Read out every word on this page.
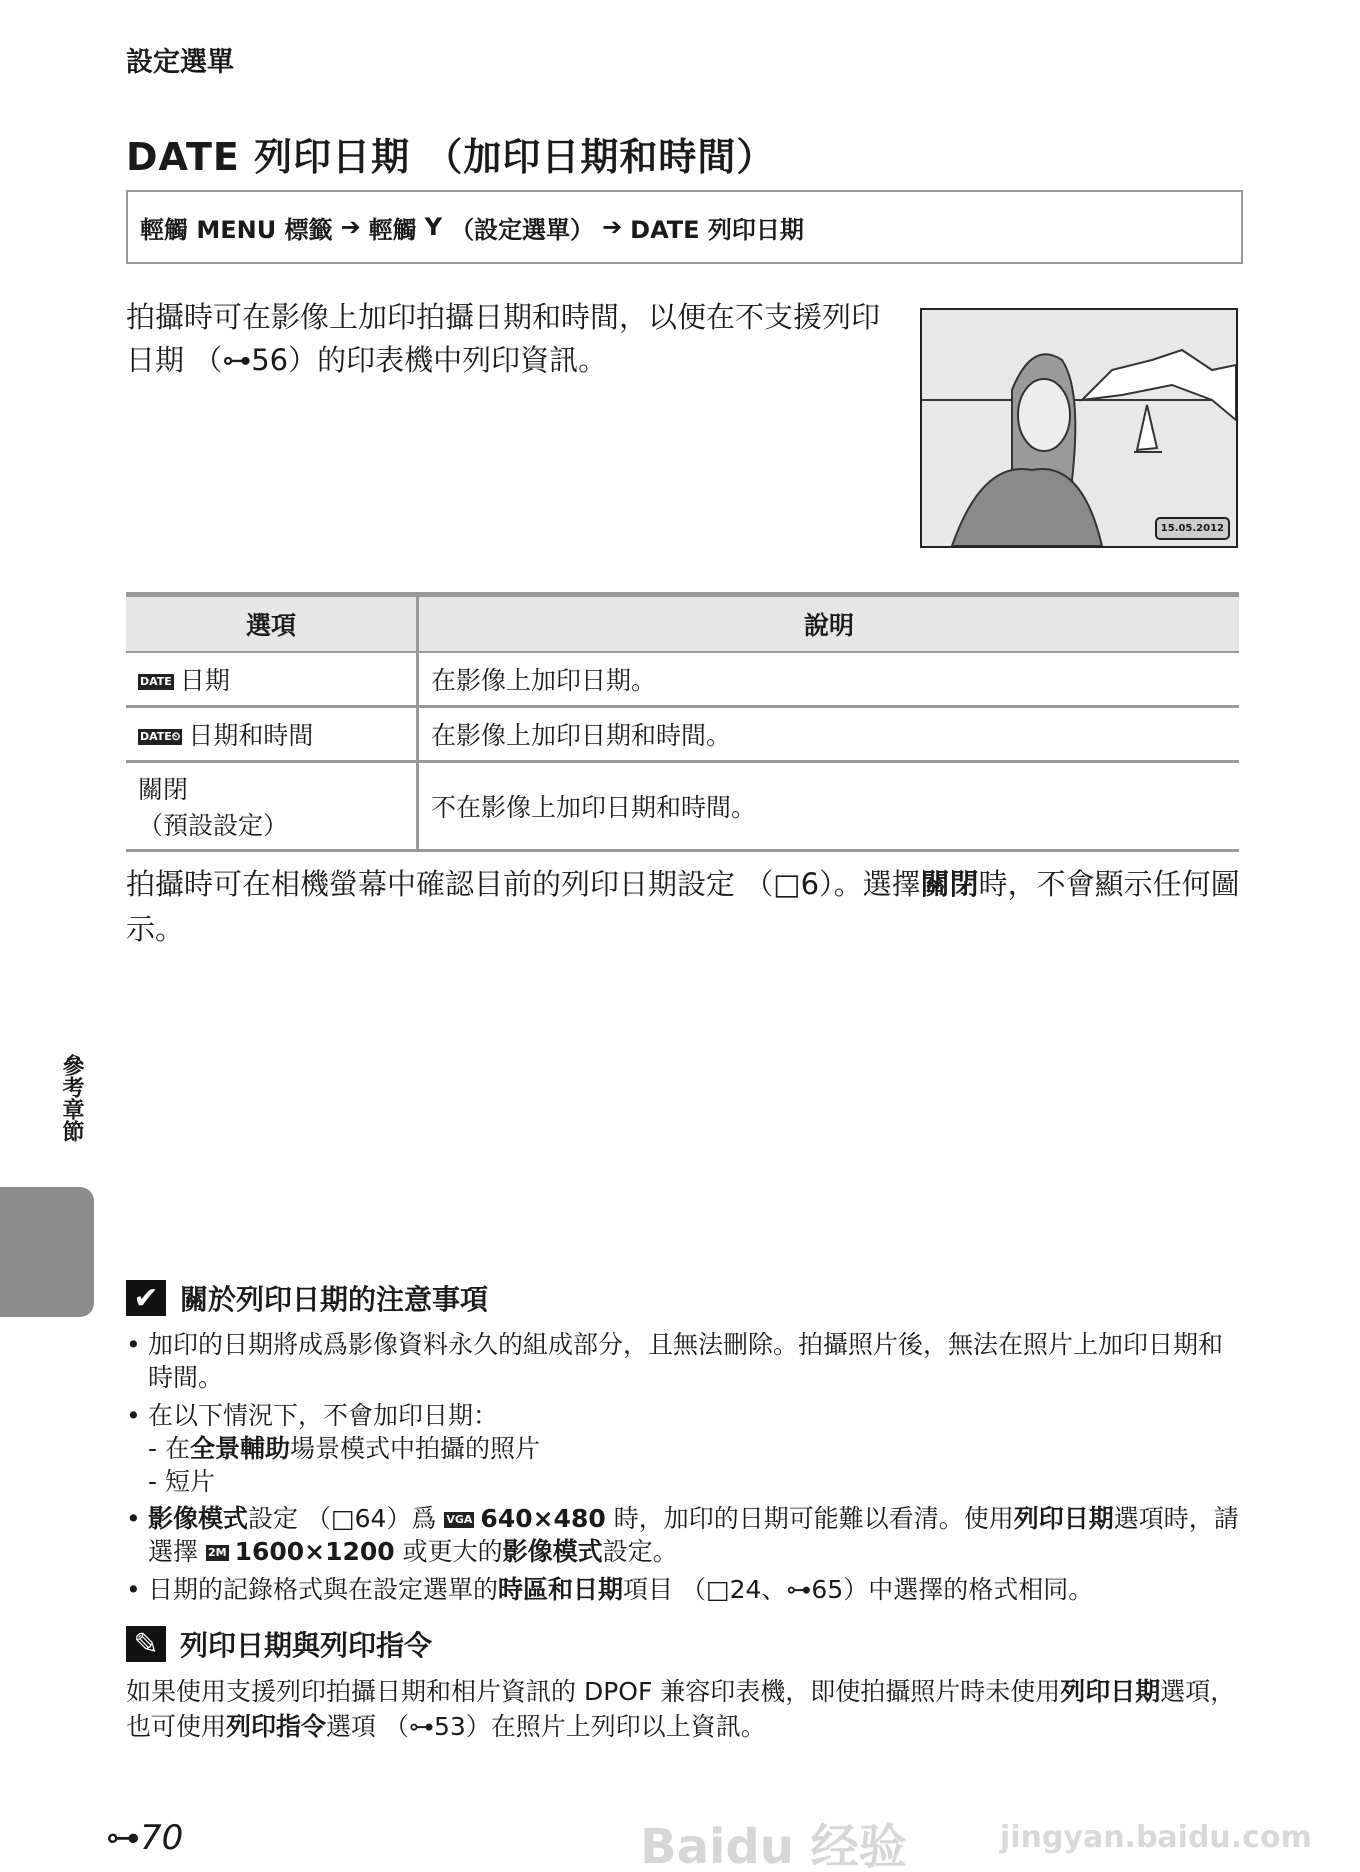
設定選單
DATE 列印日期 （加印日期和時間）
輕觸 MENU 標籤 ➔ 輕觸 Y （設定選單） ➔ DATE 列印日期
拍攝時可在影像上加印拍攝日期和時間，以便在不支援列印日期 （⊶56）的印表機中列印資訊。
15.05.2012
選項	說明
DATE 日期	在影像上加印日期。
DATE⏲ 日期和時間	在影像上加印日期和時間。

關閉
（預設設定）	不在影像上加印日期和時間。
拍攝時可在相機螢幕中確認目前的列印日期設定 （□6）。選擇關閉時，不會顯示任何圖示。
參考章節
✔ 關於列印日期的注意事項
• 加印的日期將成爲影像資料永久的組成部分，且無法刪除。拍攝照片後，無法在照片上加印日期和時間。
• 在以下情況下，不會加印日期：
- 在全景輔助場景模式中拍攝的照片
- 短片
• 影像模式設定 （□64）爲 VGA 640×480 時，加印的日期可能難以看清。使用列印日期選項時，請選擇 2M 1600×1200 或更大的影像模式設定。
• 日期的記錄格式與在設定選單的時區和日期項目 （□24、⊶65）中選擇的格式相同。
✎ 列印日期與列印指令
如果使用支援列印拍攝日期和相片資訊的 DPOF 兼容印表機，即使拍攝照片時未使用列印日期選項，也可使用列印指令選項 （⊶53）在照片上列印以上資訊。
Baidu 经验	jingyan.baidu.com
⊶70
